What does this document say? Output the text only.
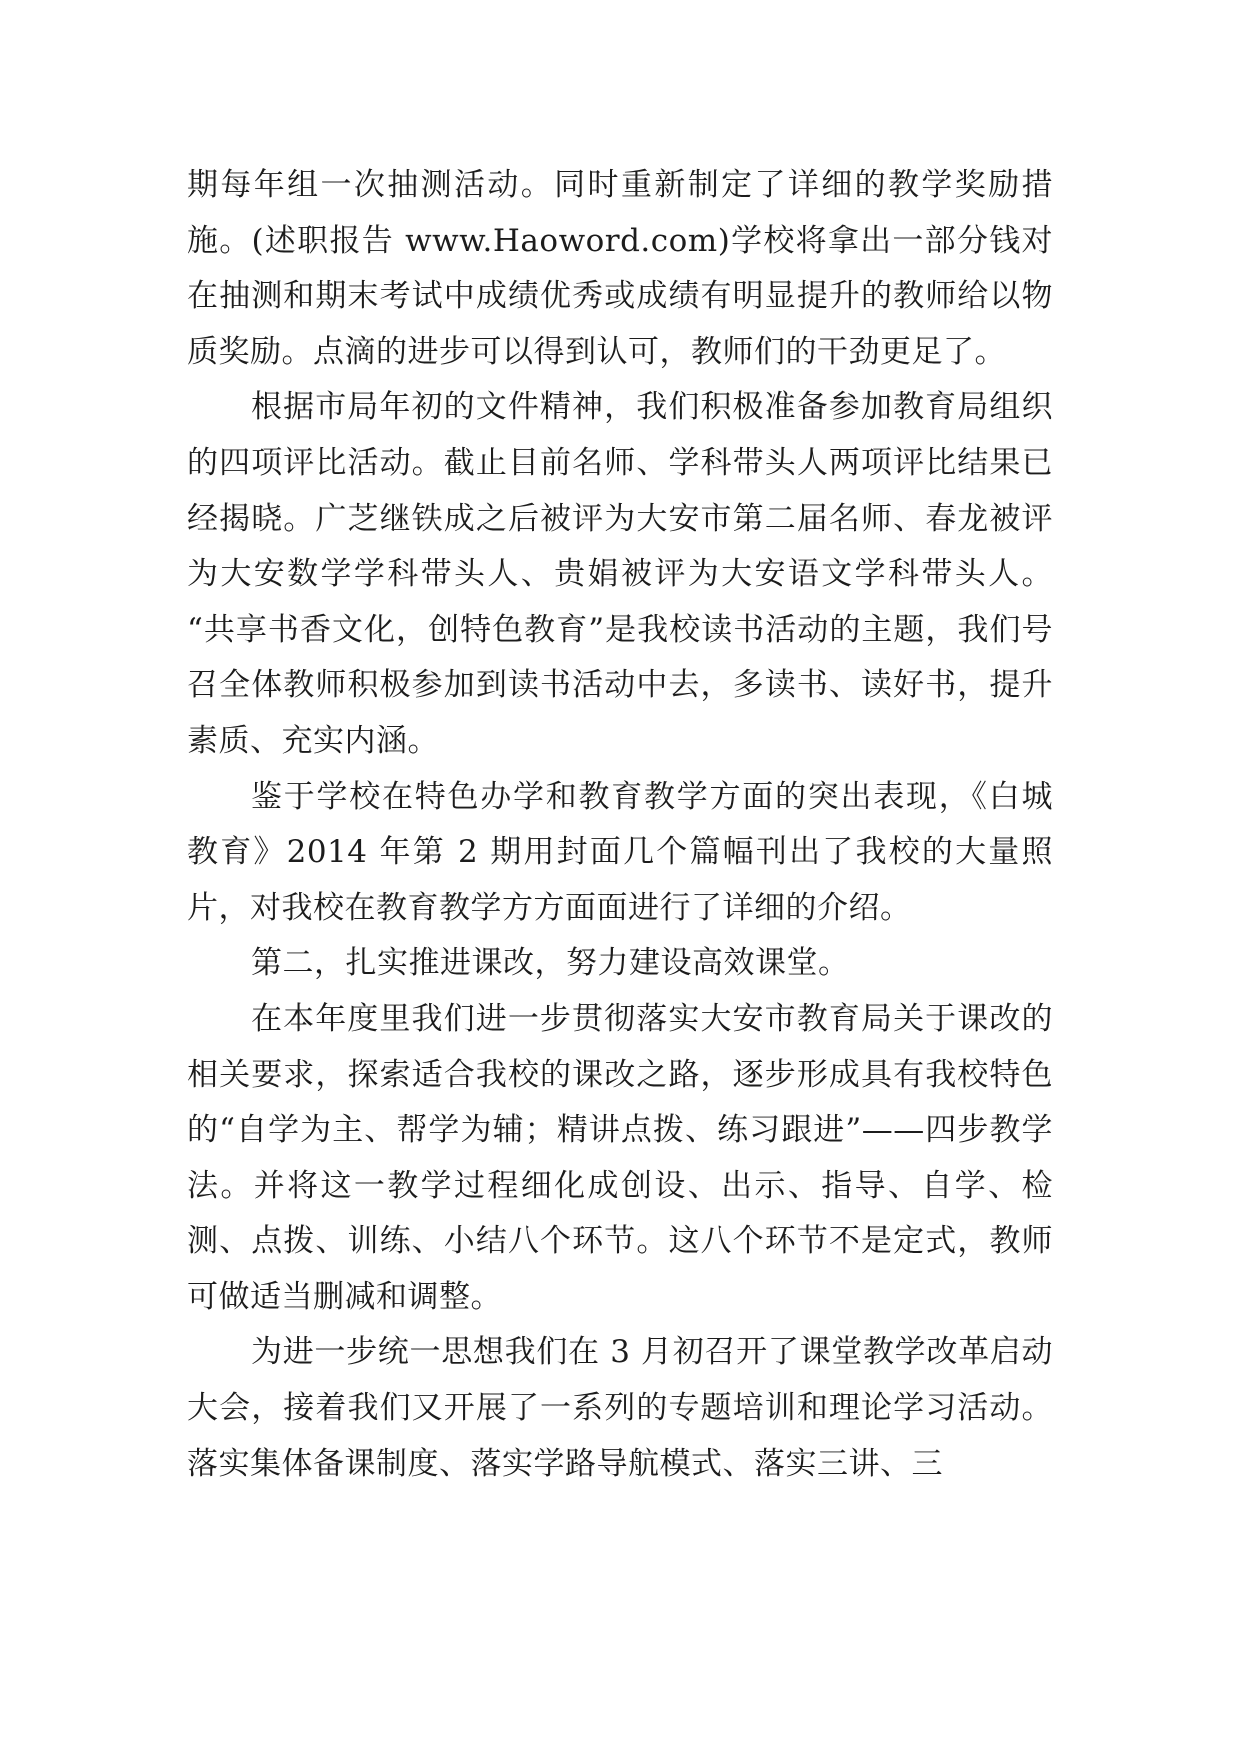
期每年组一次抽测活动。同时重新制定了详细的教学奖励措施。(述职报告 www.Haoword.com)学校将拿出一部分钱对在抽测和期末考试中成绩优秀或成绩有明显提升的教师给以物质奖励。点滴的进步可以得到认可，教师们的干劲更足了。

根据市局年初的文件精神，我们积极准备参加教育局组织的四项评比活动。截止目前名师、学科带头人两项评比结果已经揭晓。广芝继铁成之后被评为大安市第二届名师、春龙被评为大安数学学科带头人、贵娟被评为大安语文学科带头人。 “共享书香文化，创特色教育”是我校读书活动的主题，我们号召全体教师积极参加到读书活动中去，多读书、读好书，提升素质、充实内涵。

鉴于学校在特色办学和教育教学方面的突出表现，《白城教育》2014 年第 2 期用封面几个篇幅刊出了我校的大量照片，对我校在教育教学方方面面进行了详细的介绍。

第二，扎实推进课改，努力建设高效课堂。

在本年度里我们进一步贯彻落实大安市教育局关于课改的相关要求，探索适合我校的课改之路，逐步形成具有我校特色的“自学为主、帮学为辅；精讲点拨、练习跟进”——四步教学法。并将这一教学过程细化成创设、出示、指导、自学、检测、点拨、训练、小结八个环节。这八个环节不是定式，教师可做适当删减和调整。

为进一步统一思想我们在 3 月初召开了课堂教学改革启动大会，接着我们又开展了一系列的专题培训和理论学习活动。落实集体备课制度、落实学路导航模式、落实三讲、三
